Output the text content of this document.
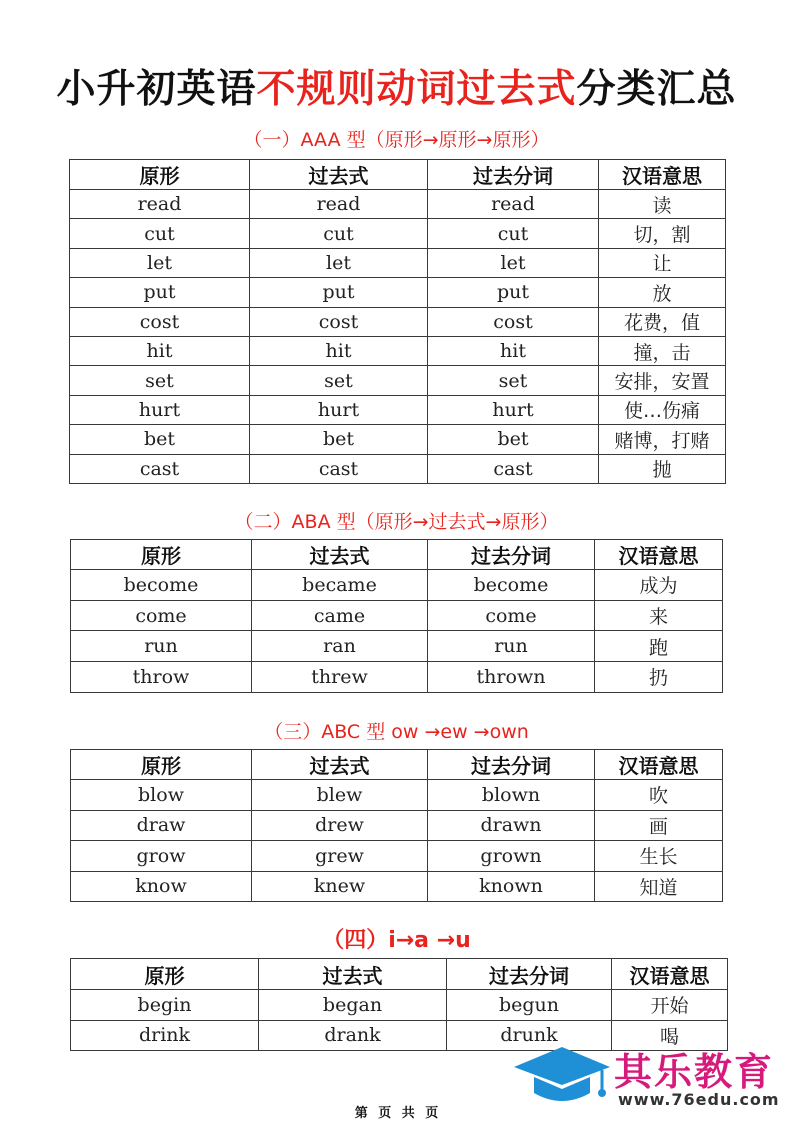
小升初英语不规则动词过去式分类汇总
（一）AAA 型（原形→原形→原形）
原形	过去式	过去分词	汉语意思
read	read	read	读
cut	cut	cut	切，割
let	let	let	让
put	put	put	放
cost	cost	cost	花费，值
hit	hit	hit	撞，击
set	set	set	安排，安置
hurt	hurt	hurt	使…伤痛
bet	bet	bet	赌博，打赌
cast	cast	cast	抛
（二）ABA 型（原形→过去式→原形）
原形	过去式	过去分词	汉语意思
become	became	become	成为
come	came	come	来
run	ran	run	跑
throw	threw	thrown	扔
（三）ABC 型 ow →ew →own
原形	过去式	过去分词	汉语意思
blow	blew	blown	吹
draw	drew	drawn	画
grow	grew	grown	生长
know	knew	known	知道
（四）i→a →u
原形	过去式	过去分词	汉语意思
begin	began	begun	开始
drink	drank	drunk	喝
其乐教育
www.76edu.com
第 页 共 页
